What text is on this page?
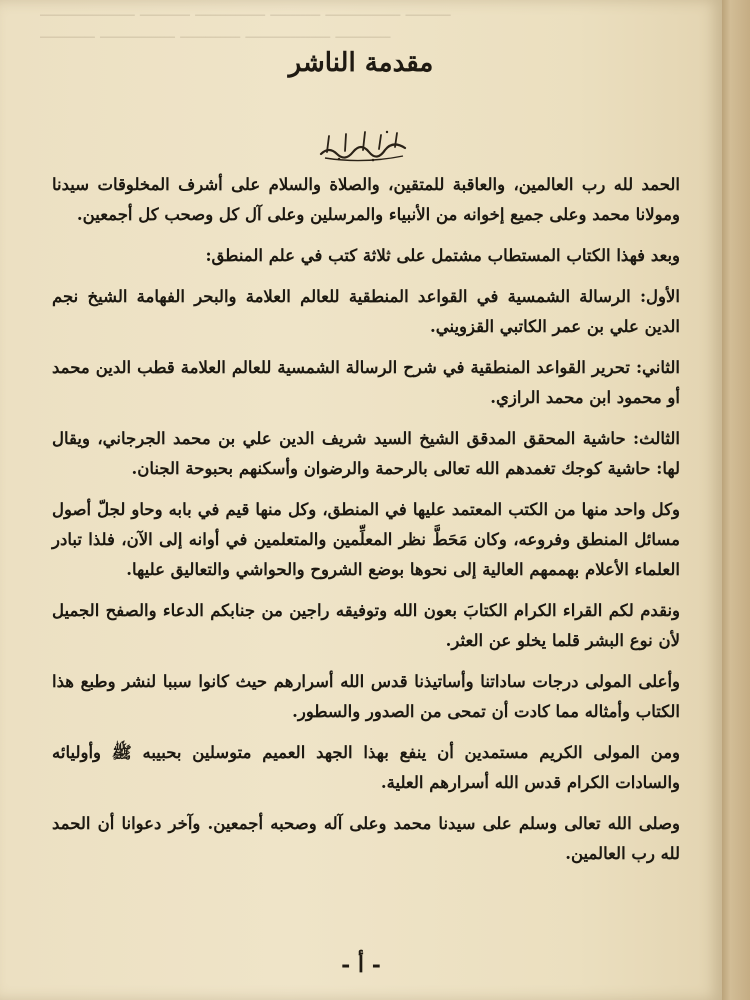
ـــــــــــــــــــ ــــــــــ ــــــــــــــ ــــــــــ ـــــــــــــــ ـــــــــ
ـــــــــــ ـــــــــــــــ ــــــــــــ ـــــــــــــــــ ـــــــــــ
مقدمة الناشر

الحمد لله رب العالمين، والعاقبة للمتقين، والصلاة والسلام على أشرف المخلوقات سيدنا ومولانا محمد وعلى جميع إخوانه من الأنبياء والمرسلين وعلى آل كل وصحب كل أجمعين.

وبعد فهذا الكتاب المستطاب مشتمل على ثلاثة كتب في علم المنطق:

الأول: الرسالة الشمسية في القواعد المنطقية للعالم العلامة والبحر الفهامة الشيخ نجم الدين علي بن عمر الكاتبي القزويني.

الثاني: تحرير القواعد المنطقية في شرح الرسالة الشمسية للعالم العلامة قطب الدين محمد أو محمود ابن محمد الرازي.

الثالث: حاشية المحقق المدقق الشيخ السيد شريف الدين علي بن محمد الجرجاني، ويقال لها: حاشية كوجك تغمدهم الله تعالى بالرحمة والرضوان وأسكنهم بحبوحة الجنان.

وكل واحد منها من الكتب المعتمد عليها في المنطق، وكل منها قيم في بابه وحاو لجلّ أصول مسائل المنطق وفروعه، وكان مَحَطَّ نظر المعلِّمين والمتعلمين في أوانه إلى الآن، فلذا تبادر العلماء الأعلام بهممهم العالية إلى نحوها بوضع الشروح والحواشي والتعاليق عليها.

ونقدم لكم القراء الكرام الكتابَ بعون الله وتوفيقه راجين من جنابكم الدعاء والصفح الجميل لأن نوع البشر قلما يخلو عن العثر.

وأعلى المولى درجات ساداتنا وأساتيذنا قدس الله أسرارهم حيث كانوا سببا لنشر وطبع هذا الكتاب وأمثاله مما كادت أن تمحى من الصدور والسطور.

ومن المولى الكريم مستمدين أن ينفع بهذا الجهد العميم متوسلين بحبيبه ﷺ وأوليائه والسادات الكرام قدس الله أسرارهم العلية.

وصلى الله تعالى وسلم على سيدنا محمد وعلى آله وصحبه أجمعين. وآخر دعوانا أن الحمد لله رب العالمين.

- أ -
